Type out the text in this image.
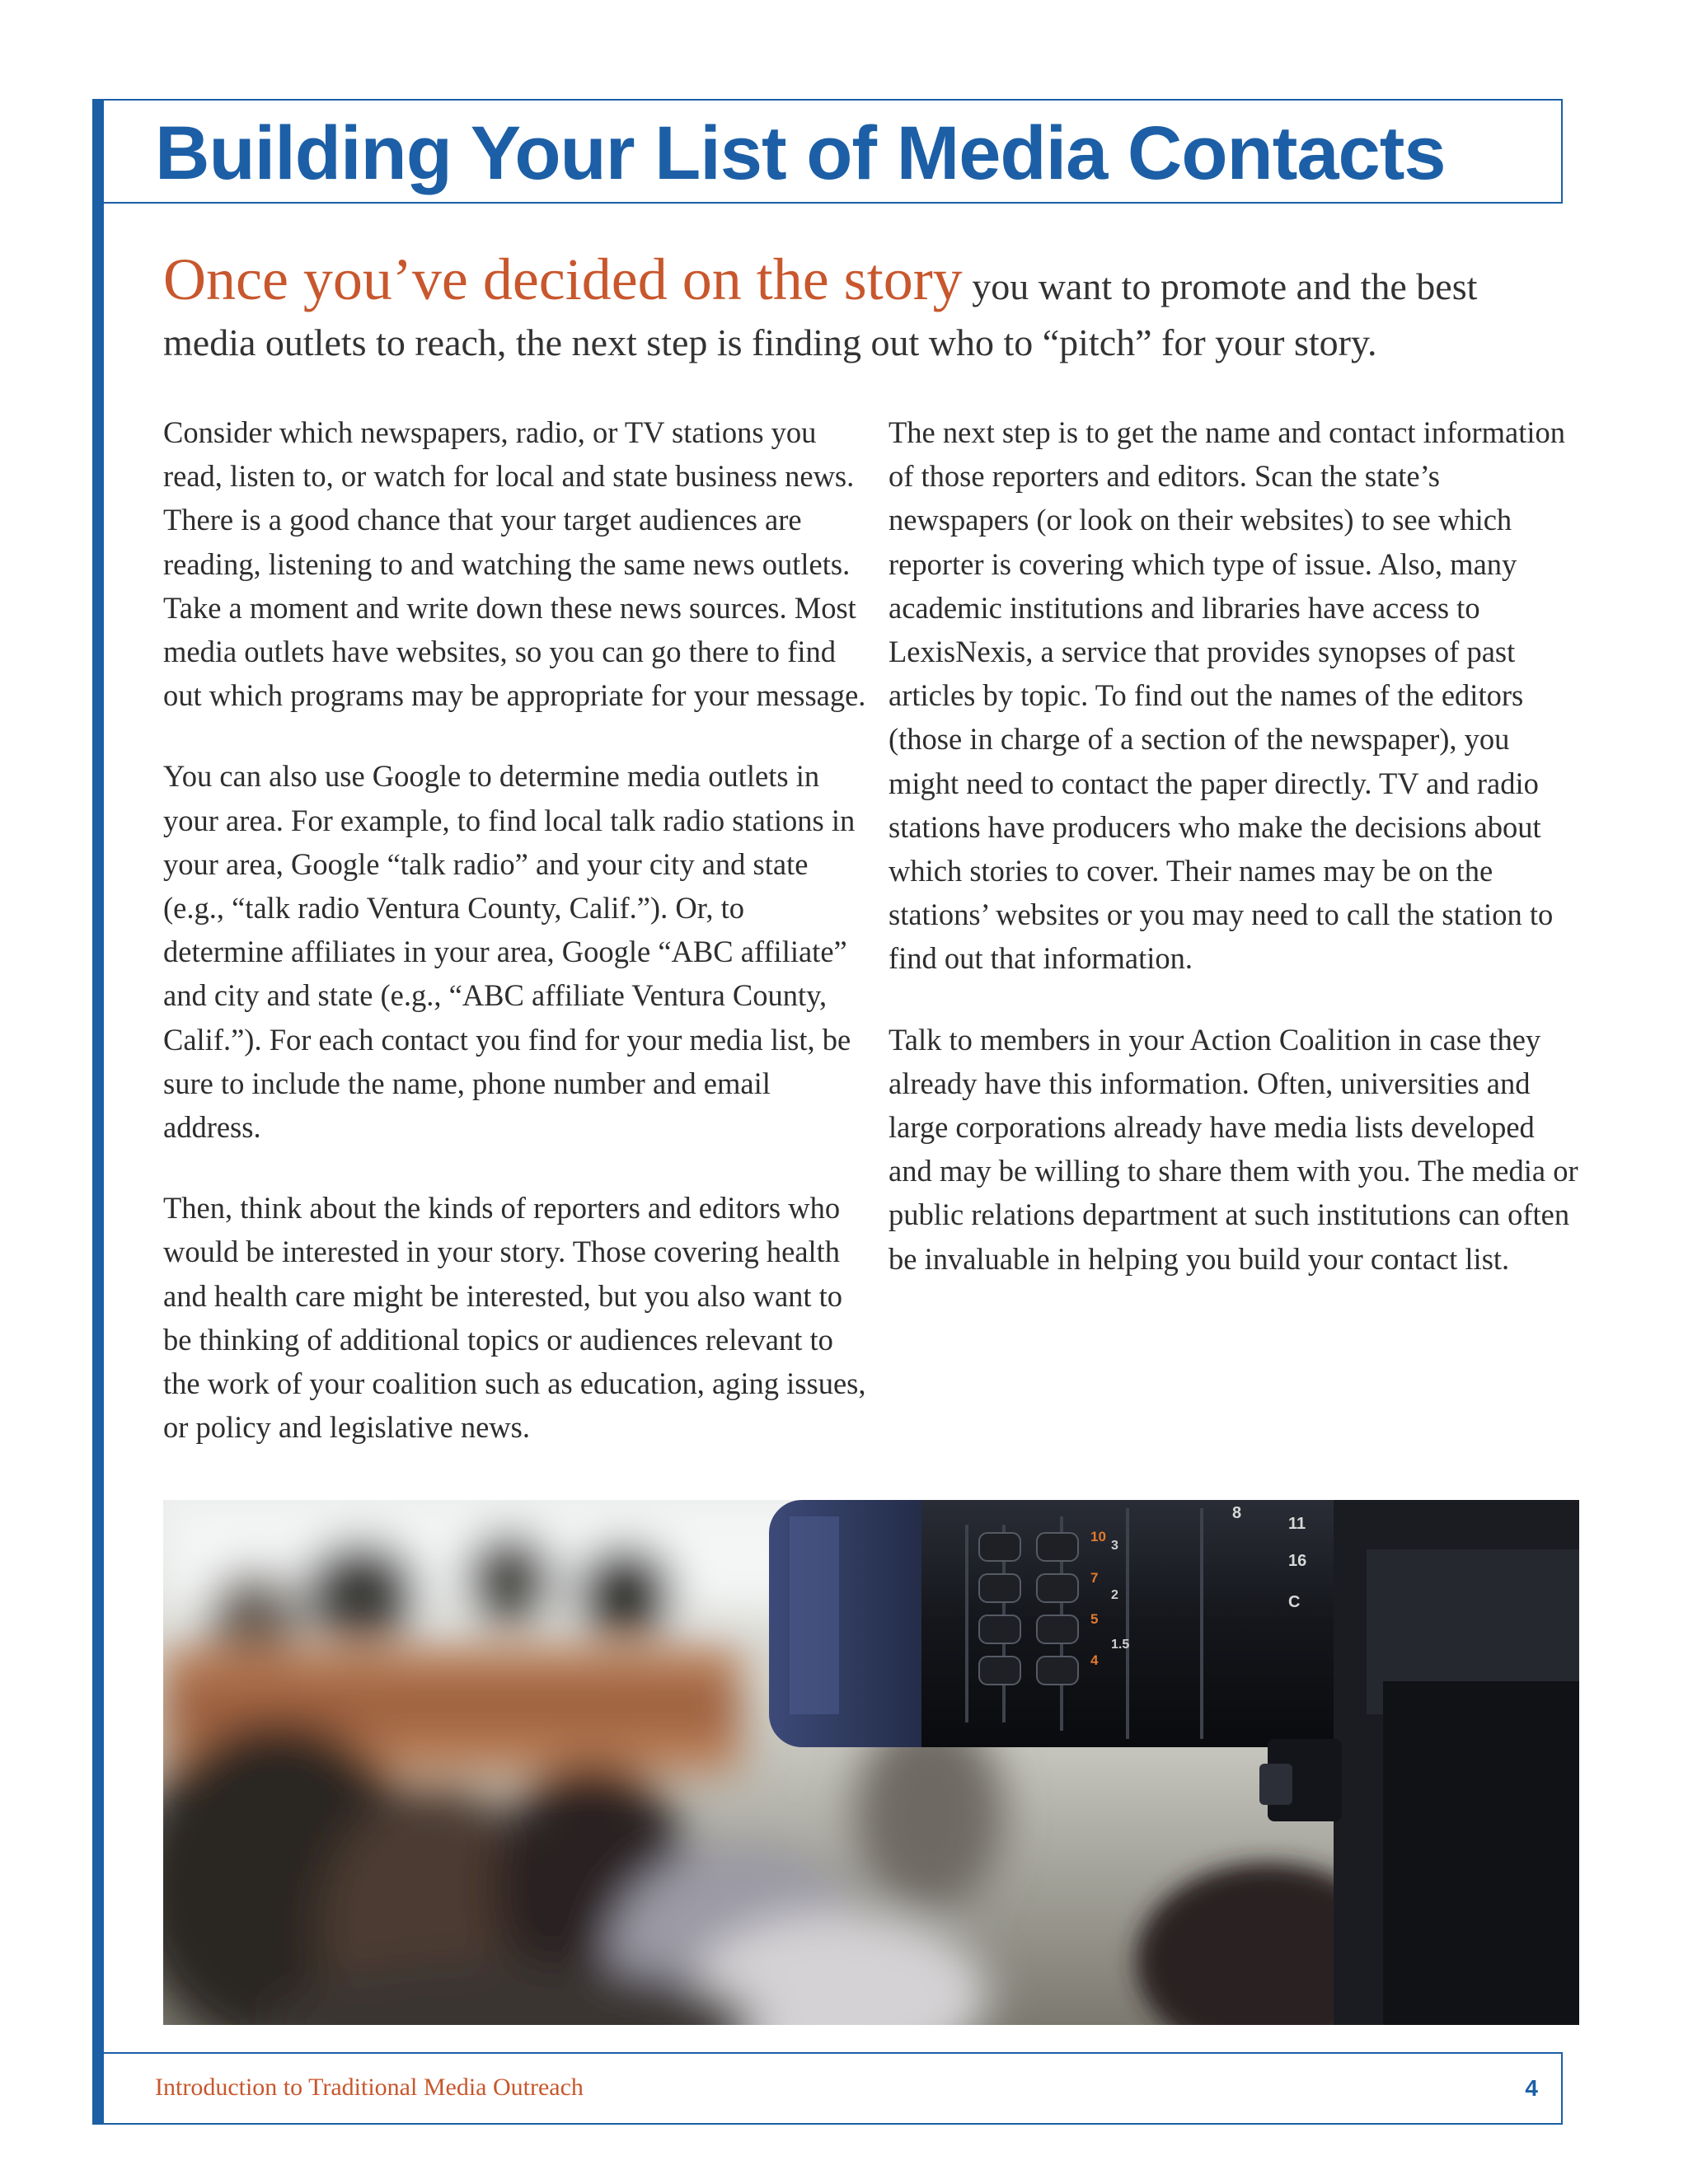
Building Your List of Media Contacts

Once you’ve decided on the story you want to promote and the best media outlets to reach, the next step is finding out who to “pitch” for your story.

Consider which newspapers, radio, or TV stations you read, listen to, or watch for local and state business news. There is a good chance that your target audiences are reading, listening to and watching the same news outlets. Take a moment and write down these news sources. Most media outlets have websites, so you can go there to find out which programs may be appropriate for your message.

You can also use Google to determine media outlets in your area. For example, to find local talk radio stations in your area, Google “talk radio” and your city and state (e.g., “talk radio Ventura County, Calif.”). Or, to determine affiliates in your area, Google “ABC affiliate” and city and state (e.g., “ABC affiliate Ventura County, Calif.”). For each contact you find for your media list, be sure to include the name, phone number and email address.

Then, think about the kinds of reporters and editors who would be interested in your story. Those covering health and health care might be interested, but you also want to be thinking of additional topics or audiences relevant to the work of your coalition such as education, aging issues, or policy and legislative news.

The next step is to get the name and contact information of those reporters and editors. Scan the state’s newspapers (or look on their websites) to see which reporter is covering which type of issue. Also, many academic institutions and libraries have access to LexisNexis, a service that provides synopses of past articles by topic. To find out the names of the editors (those in charge of a section of the newspaper), you might need to contact the paper directly. TV and radio stations have producers who make the decisions about which stories to cover. Their names may be on the stations’ websites or you may need to call the station to find out that information.

Talk to members in your Action Coalition in case they already have this information. Often, universities and large corporations already have media lists developed and may be willing to share them with you. The media or public relations department at such institutions can often be invaluable in helping you build your contact list.

8
11
16
C
10
7
5
4
3
2
1.5
Introduction to Traditional Media Outreach	4
